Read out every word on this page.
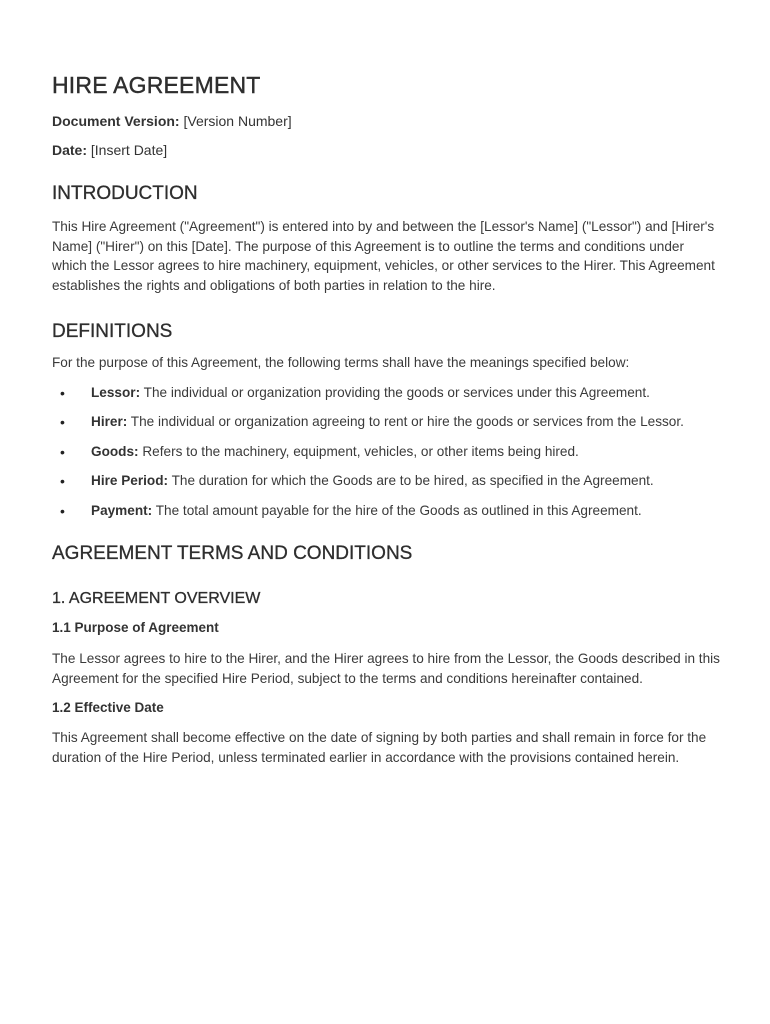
HIRE AGREEMENT

Document Version: [Version Number]

Date: [Insert Date]

INTRODUCTION

This Hire Agreement ("Agreement") is entered into by and between the [Lessor's Name] ("Lessor") and [Hirer's Name] ("Hirer") on this [Date]. The purpose of this Agreement is to outline the terms and conditions under which the Lessor agrees to hire machinery, equipment, vehicles, or other services to the Hirer. This Agreement establishes the rights and obligations of both parties in relation to the hire.

DEFINITIONS

For the purpose of this Agreement, the following terms shall have the meanings specified below:

• Lessor: The individual or organization providing the goods or services under this Agreement.
• Hirer: The individual or organization agreeing to rent or hire the goods or services from the Lessor.
• Goods: Refers to the machinery, equipment, vehicles, or other items being hired.
• Hire Period: The duration for which the Goods are to be hired, as specified in the Agreement.
• Payment: The total amount payable for the hire of the Goods as outlined in this Agreement.
AGREEMENT TERMS AND CONDITIONS
1. AGREEMENT OVERVIEW
1.1 Purpose of Agreement

The Lessor agrees to hire to the Hirer, and the Hirer agrees to hire from the Lessor, the Goods described in this Agreement for the specified Hire Period, subject to the terms and conditions hereinafter contained.

1.2 Effective Date

This Agreement shall become effective on the date of signing by both parties and shall remain in force for the duration of the Hire Period, unless terminated earlier in accordance with the provisions contained herein.
